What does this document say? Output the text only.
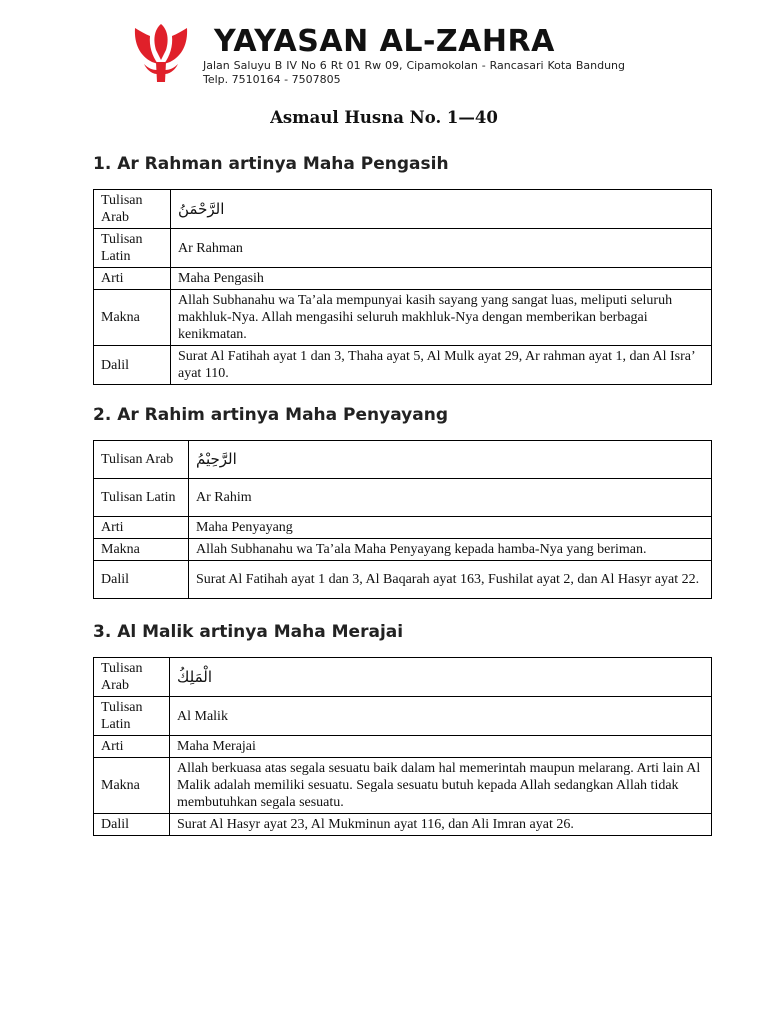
YAYASAN AL-ZAHRA
Jalan Saluyu B IV No 6 Rt 01 Rw 09, Cipamokolan - Rancasari Kota Bandung Telp. 7510164 - 7507805
Asmaul Husna No. 1—40
1. Ar Rahman artinya Maha Pengasih
Tulisan Arab	الرَّحْمَنُ
Tulisan Latin	Ar Rahman
Arti	Maha Pengasih
Makna	Allah Subhanahu wa Ta’ala mempunyai kasih sayang yang sangat luas, meliputi seluruh makhluk-Nya. Allah mengasihi seluruh makhluk-Nya dengan memberikan berbagai kenikmatan.
Dalil	Surat Al Fatihah ayat 1 dan 3, Thaha ayat 5, Al Mulk ayat 29, Ar rahman ayat 1, dan Al Isra’ ayat 110.
2. Ar Rahim artinya Maha Penyayang
Tulisan Arab	الرَّحِيْمُ
Tulisan Latin	Ar Rahim
Arti	Maha Penyayang
Makna	Allah Subhanahu wa Ta’ala Maha Penyayang kepada hamba-Nya yang beriman.
Dalil	Surat Al Fatihah ayat 1 dan 3, Al Baqarah ayat 163, Fushilat ayat 2, dan Al Hasyr ayat 22.
3. Al Malik artinya Maha Merajai
Tulisan Arab	الْمَلِكُ
Tulisan Latin	Al Malik
Arti	Maha Merajai
Makna	Allah berkuasa atas segala sesuatu baik dalam hal memerintah maupun melarang. Arti lain Al Malik adalah memiliki sesuatu. Segala sesuatu butuh kepada Allah sedangkan Allah tidak membutuhkan segala sesuatu.
Dalil	Surat Al Hasyr ayat 23, Al Mukminun ayat 116, dan Ali Imran ayat 26.
